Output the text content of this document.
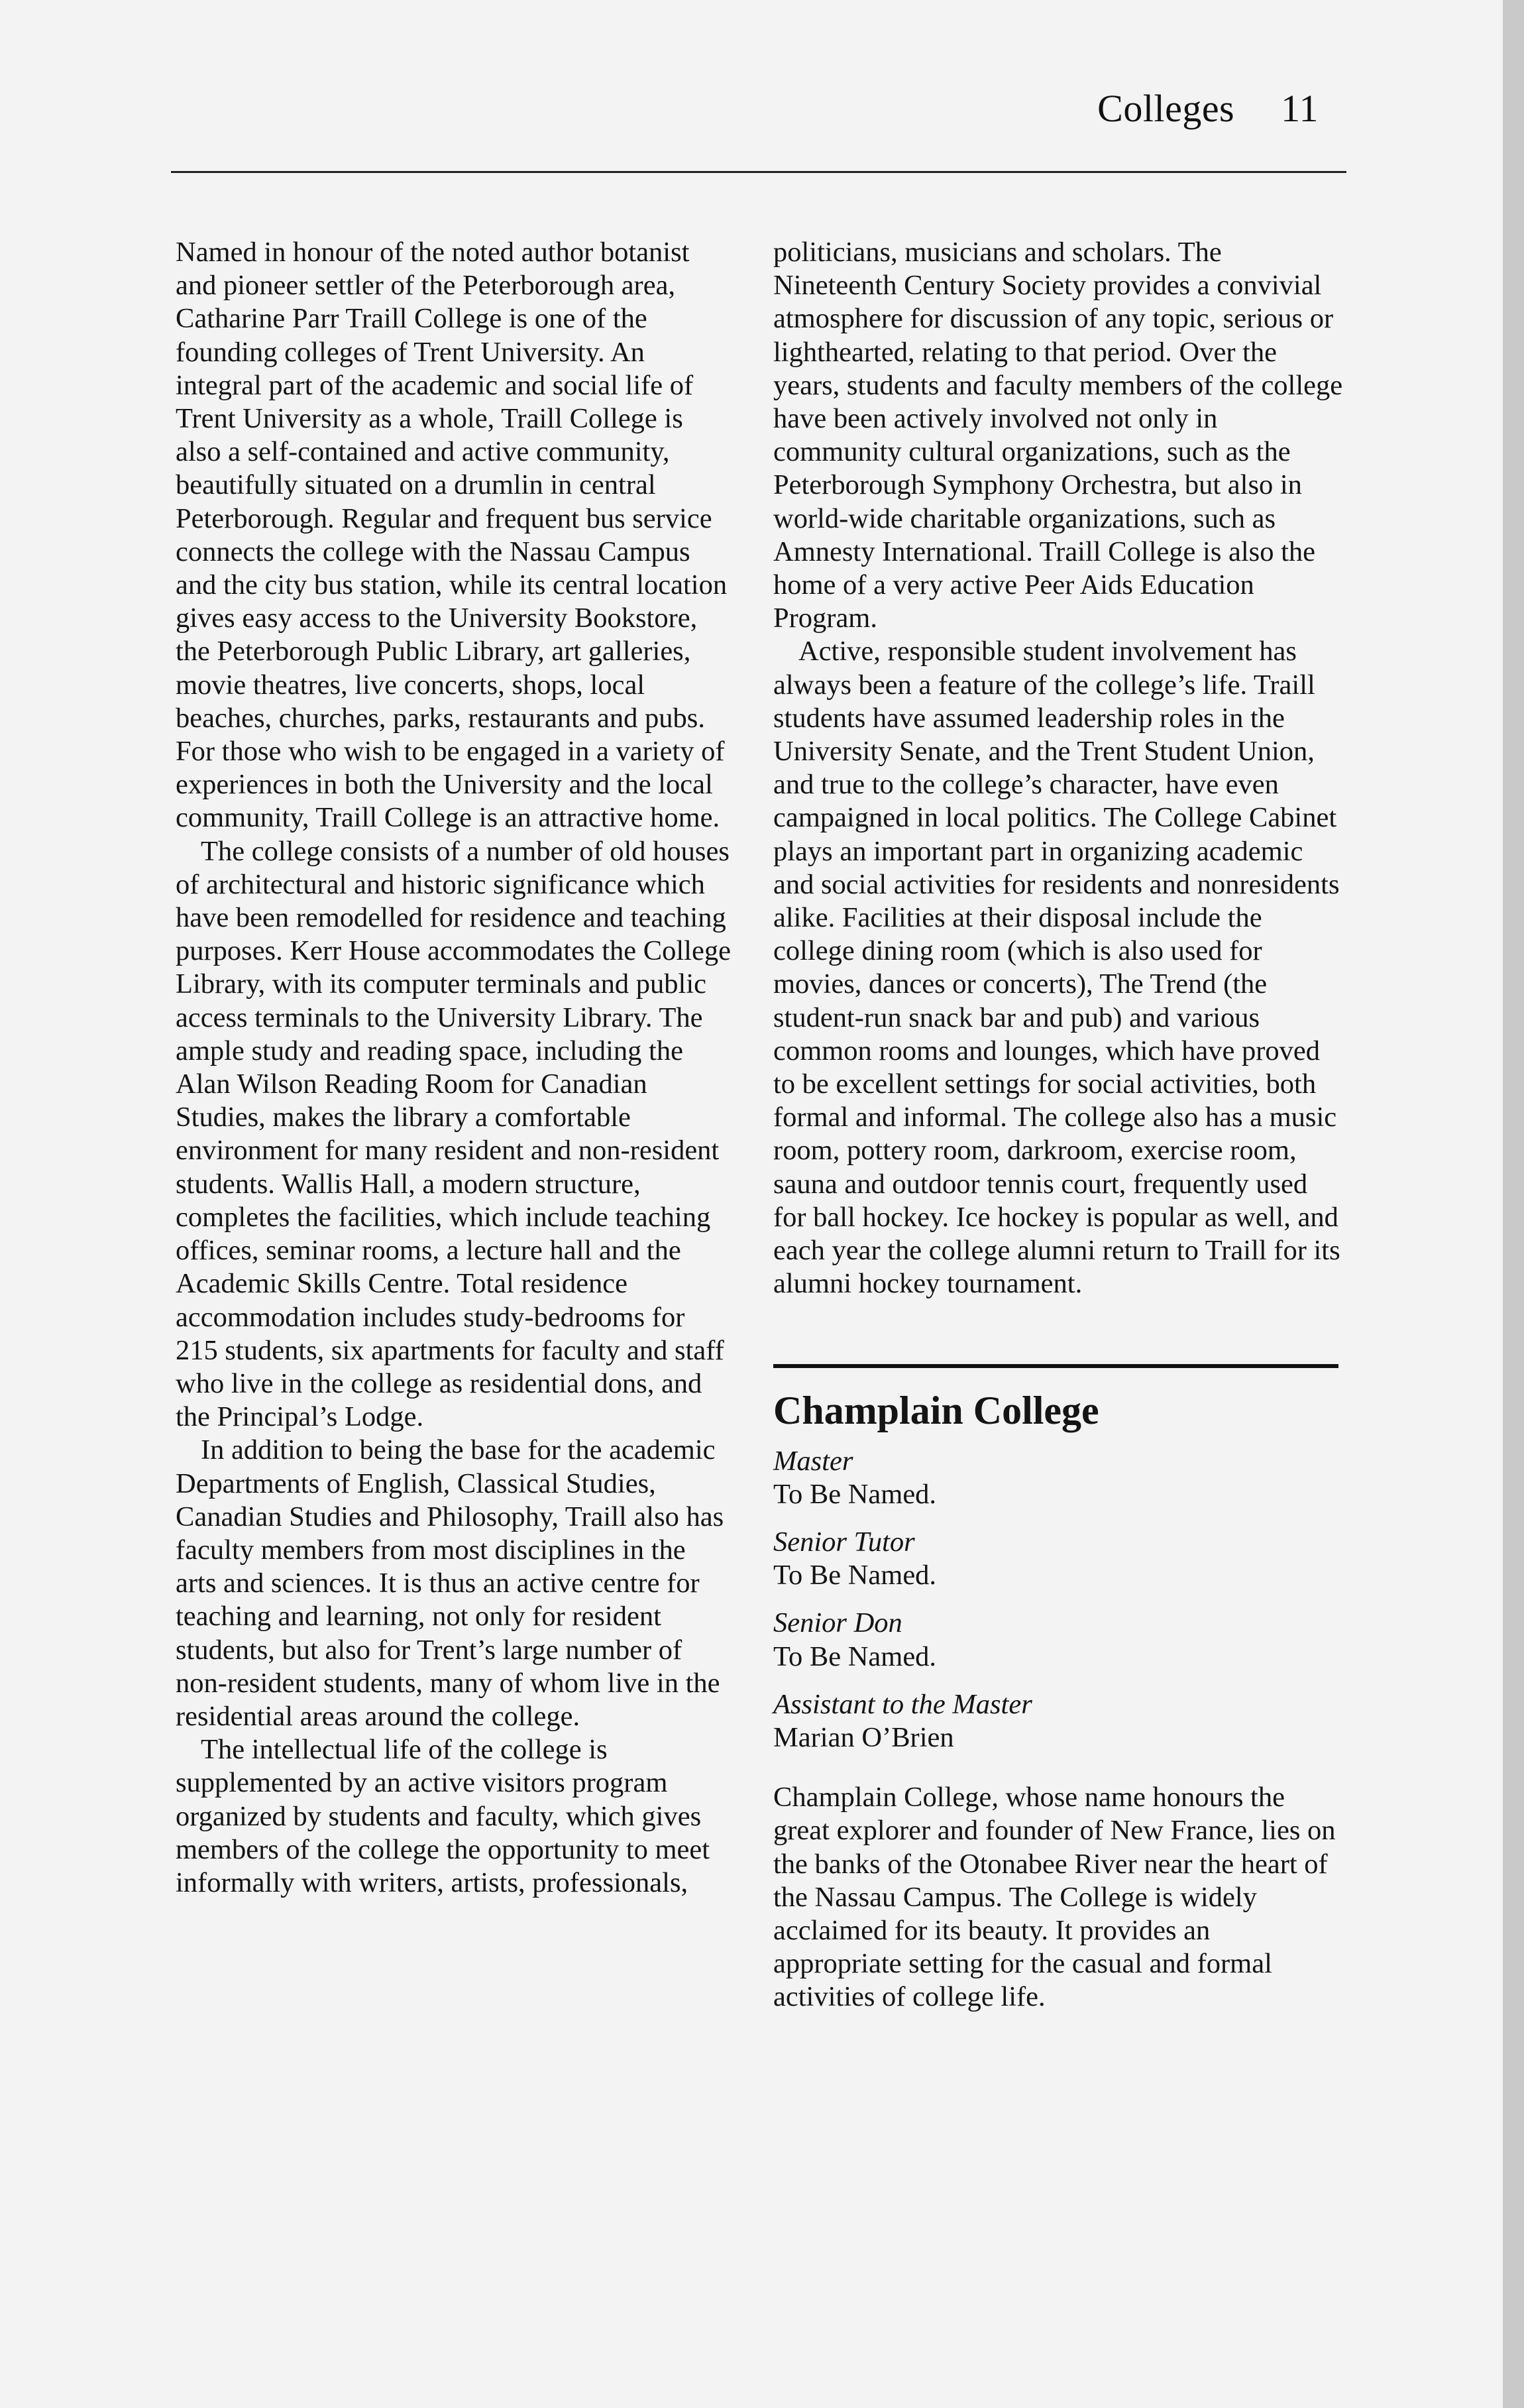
Colleges 11

Named in honour of the noted author botanist and pioneer settler of the Peterborough area, Catharine Parr Traill College is one of the founding colleges of Trent University. An integral part of the academic and social life of Trent University as a whole, Traill College is also a self-contained and active community, beautifully situated on a drumlin in central Peterborough. Regular and frequent bus service connects the college with the Nassau Campus and the city bus station, while its central location gives easy access to the University Bookstore, the Peterborough Public Library, art galleries, movie theatres, live concerts, shops, local beaches, churches, parks, restaurants and pubs. For those who wish to be engaged in a variety of experiences in both the University and the local community, Traill College is an attractive home.

The college consists of a number of old houses of architectural and historic significance which have been remodelled for residence and teaching purposes. Kerr House accommodates the College Library, with its computer terminals and public access terminals to the University Library. The ample study and reading space, including the Alan Wilson Reading Room for Canadian Studies, makes the library a comfortable environment for many resident and non-resident students. Wallis Hall, a modern structure, completes the facilities, which include teaching offices, seminar rooms, a lecture hall and the Academic Skills Centre. Total residence accommodation includes study-bedrooms for 215 students, six apartments for faculty and staff who live in the college as residential dons, and the Principal’s Lodge.

In addition to being the base for the academic Departments of English, Classical Studies, Canadian Studies and Philosophy, Traill also has faculty members from most disciplines in the arts and sciences. It is thus an active centre for teaching and learning, not only for resident students, but also for Trent’s large number of non-resident students, many of whom live in the residential areas around the college.

The intellectual life of the college is supplemented by an active visitors program organized by students and faculty, which gives members of the college the opportunity to meet informally with writers, artists, professionals,

politicians, musicians and scholars. The Nineteenth Century Society provides a convivial atmosphere for discussion of any topic, serious or lighthearted, relating to that period. Over the years, students and faculty members of the college have been actively involved not only in community cultural organizations, such as the Peterborough Symphony Orchestra, but also in world-wide charitable organizations, such as Amnesty International. Traill College is also the home of a very active Peer Aids Education Program.

Active, responsible student involvement has always been a feature of the college’s life. Traill students have assumed leadership roles in the University Senate, and the Trent Student Union, and true to the college’s character, have even campaigned in local politics. The College Cabinet plays an important part in organizing academic and social activities for residents and nonresidents alike. Facilities at their disposal include the college dining room (which is also used for movies, dances or concerts), The Trend (the student-run snack bar and pub) and various common rooms and lounges, which have proved to be excellent settings for social activities, both formal and informal. The college also has a music room, pottery room, darkroom, exercise room, sauna and outdoor tennis court, frequently used for ball hockey. Ice hockey is popular as well, and each year the college alumni return to Traill for its alumni hockey tournament.

Champlain College
Master
To Be Named.
Senior Tutor
To Be Named.
Senior Don
To Be Named.
Assistant to the Master
Marian O’Brien

Champlain College, whose name honours the great explorer and founder of New France, lies on the banks of the Otonabee River near the heart of the Nassau Campus. The College is widely acclaimed for its beauty. It provides an appropriate setting for the casual and formal activities of college life.
